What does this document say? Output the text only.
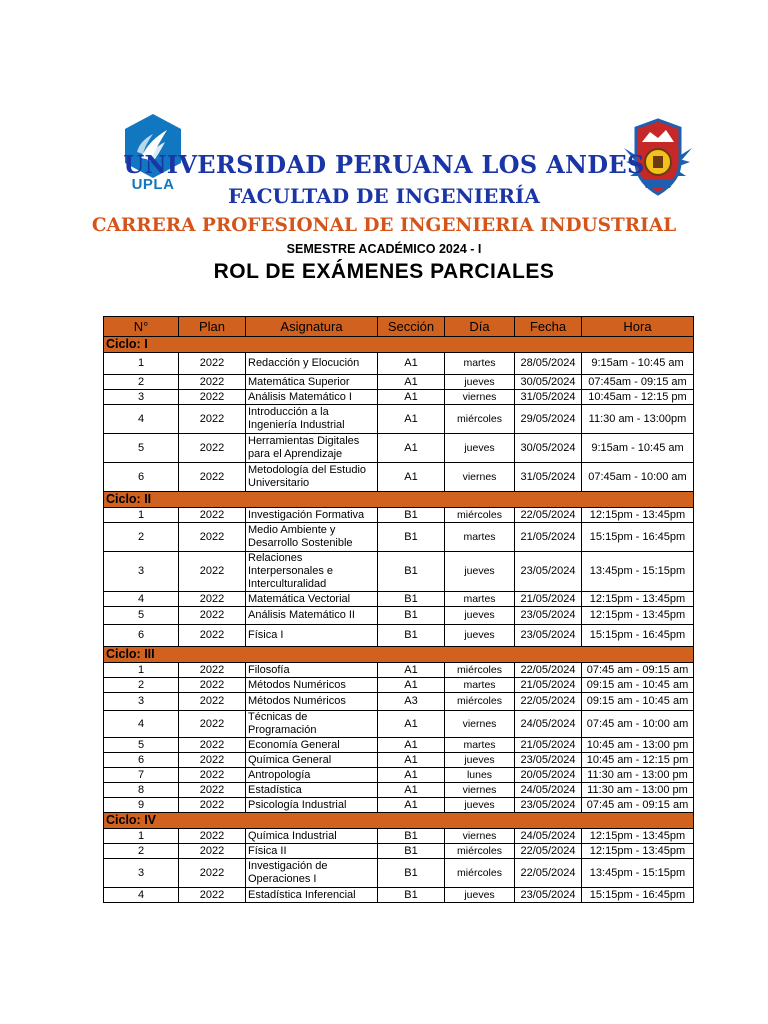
UPLA
UNIVERSIDAD PERUANA LOS ANDES
FACULTAD DE INGENIERÍA
CARRERA PROFESIONAL DE INGENIERIA INDUSTRIAL
SEMESTRE ACADÉMICO 2024 - I
ROL DE EXÁMENES PARCIALES
N°	Plan	Asignatura	Sección	Día	Fecha	Hora
Ciclo: I						
1	2022	Redacción y Elocución	A1	martes	28/05/2024	9:15am - 10:45 am
2	2022	Matemática Superior	A1	jueves	30/05/2024	07:45am - 09:15 am
3	2022	Análisis Matemático I	A1	viernes	31/05/2024	10:45am - 12:15 pm
4	2022	Introducción a la Ingeniería Industrial	A1	miércoles	29/05/2024	11:30 am - 13:00pm
5	2022	Herramientas Digitales para el Aprendizaje	A1	jueves	30/05/2024	9:15am - 10:45 am
6	2022	Metodología del Estudio Universitario	A1	viernes	31/05/2024	07:45am - 10:00 am
Ciclo: II						
1	2022	Investigación Formativa	B1	miércoles	22/05/2024	12:15pm - 13:45pm
2	2022	Medio Ambiente y Desarrollo Sostenible	B1	martes	21/05/2024	15:15pm - 16:45pm
3	2022	Relaciones Interpersonales e Interculturalidad	B1	jueves	23/05/2024	13:45pm - 15:15pm
4	2022	Matemática Vectorial	B1	martes	21/05/2024	12:15pm - 13:45pm
5	2022	Análisis Matemático II	B1	jueves	23/05/2024	12:15pm - 13:45pm
6	2022	Física I	B1	jueves	23/05/2024	15:15pm - 16:45pm
Ciclo: III						
1	2022	Filosofía	A1	miércoles	22/05/2024	07:45 am - 09:15 am
2	2022	Métodos Numéricos	A1	martes	21/05/2024	09:15 am - 10:45 am
3	2022	Métodos Numéricos	A3	miércoles	22/05/2024	09:15 am - 10:45 am
4	2022	Técnicas de Programación	A1	viernes	24/05/2024	07:45 am - 10:00 am
5	2022	Economía General	A1	martes	21/05/2024	10:45 am - 13:00 pm
6	2022	Química General	A1	jueves	23/05/2024	10:45 am - 12:15 pm
7	2022	Antropología	A1	lunes	20/05/2024	11:30 am - 13:00 pm
8	2022	Estadística	A1	viernes	24/05/2024	11:30 am - 13:00 pm
9	2022	Psicología Industrial	A1	jueves	23/05/2024	07:45 am - 09:15 am
Ciclo: IV						
1	2022	Química Industrial	B1	viernes	24/05/2024	12:15pm - 13:45pm
2	2022	Física II	B1	miércoles	22/05/2024	12:15pm - 13:45pm
3	2022	Investigación de Operaciones I	B1	miércoles	22/05/2024	13:45pm - 15:15pm
4	2022	Estadística Inferencial	B1	jueves	23/05/2024	15:15pm - 16:45pm
